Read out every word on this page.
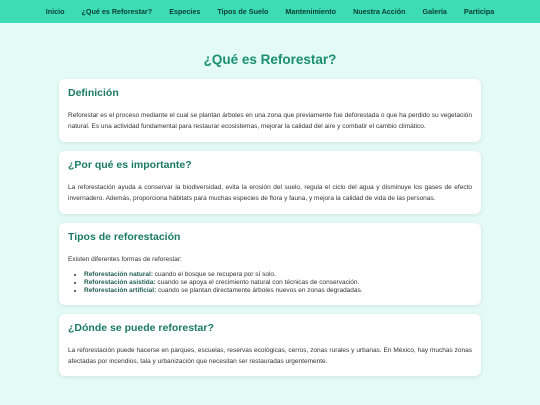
Inicio ¿Qué es Reforestar? Especies Tipos de Suelo Mantenimiento Nuestra Acción Galería Participa
¿Qué es Reforestar?
Definición

Reforestar es el proceso mediante el cual se plantan árboles en una zona que previamente fue deforestada o que ha perdido su vegetación natural. Es una actividad fundamental para restaurar ecosistemas, mejorar la calidad del aire y combatir el cambio climático.

¿Por qué es importante?

La reforestación ayuda a conservar la biodiversidad, evita la erosión del suelo, regula el ciclo del agua y disminuye los gases de efecto invernadero. Además, proporciona hábitats para muchas especies de flora y fauna, y mejora la calidad de vida de las personas.

Tipos de reforestación

Existen diferentes formas de reforestar:

• Reforestación natural: cuando el bosque se recupera por sí solo.
• Reforestación asistida: cuando se apoya el crecimiento natural con técnicas de conservación.
• Reforestación artificial: cuando se plantan directamente árboles nuevos en zonas degradadas.
¿Dónde se puede reforestar?

La reforestación puede hacerse en parques, escuelas, reservas ecológicas, cerros, zonas rurales y urbanas. En México, hay muchas zonas afectadas por incendios, tala y urbanización que necesitan ser restauradas urgentemente.
